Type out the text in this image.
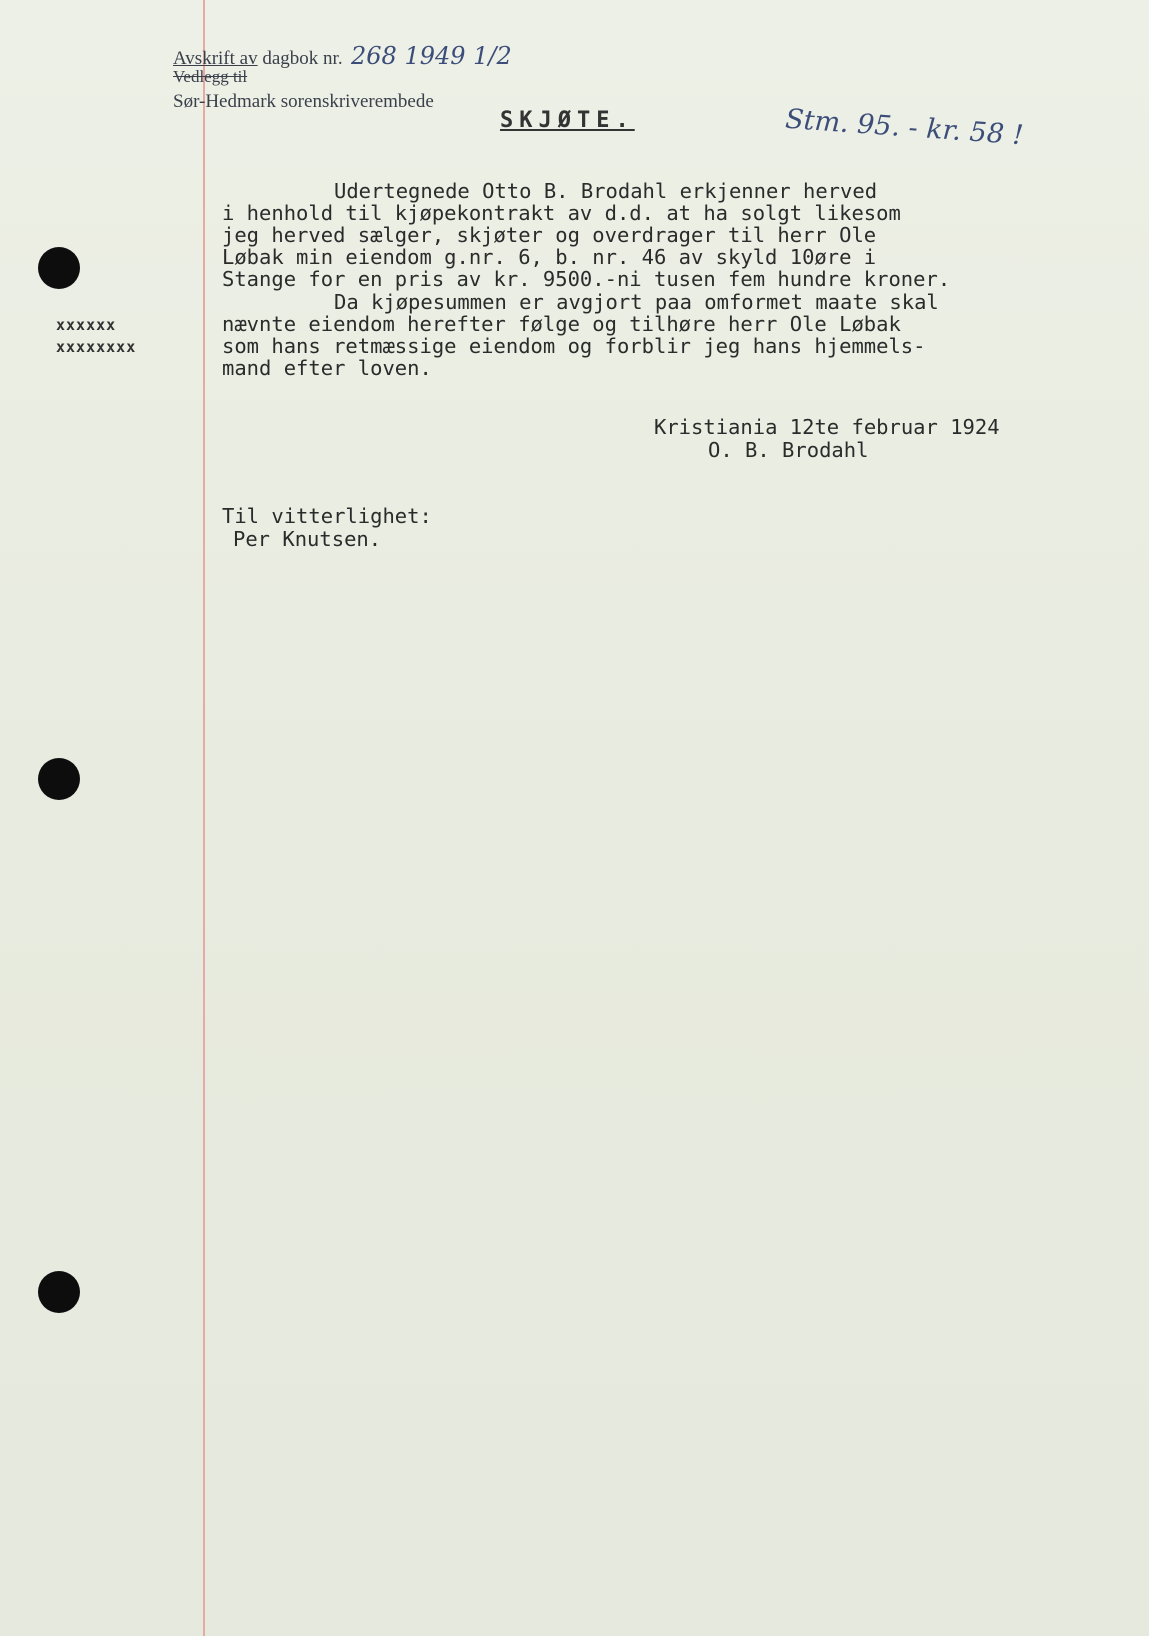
Avskrift av dagbok nr.
Vedlegg til
Sør-Hedmark sorenskriverembede
268 1949 1/2
Stm. 95. - kr. 58 !
SKJØTE.
Udertegnede Otto B. Brodahl erkjenner herved
i henhold til kjøpekontrakt av d.d. at ha solgt likesom
jeg herved sælger, skjøter og overdrager til herr Ole
Løbak min eiendom g.nr. 6, b. nr. 46 av skyld 10øre i
Stange for en pris av kr. 9500.-ni tusen fem hundre kroner.
Da kjøpesummen er avgjort paa omformet maate skal
nævnte eiendom herefter følge og tilhøre herr Ole Løbak
som hans retmæssige eiendom og forblir jeg hans hjemmels-
mand efter loven.
Kristiania 12te februar 1924
O. B. Brodahl
Til vitterlighet:
Per Knutsen.
xxxxxx
xxxxxxxx
